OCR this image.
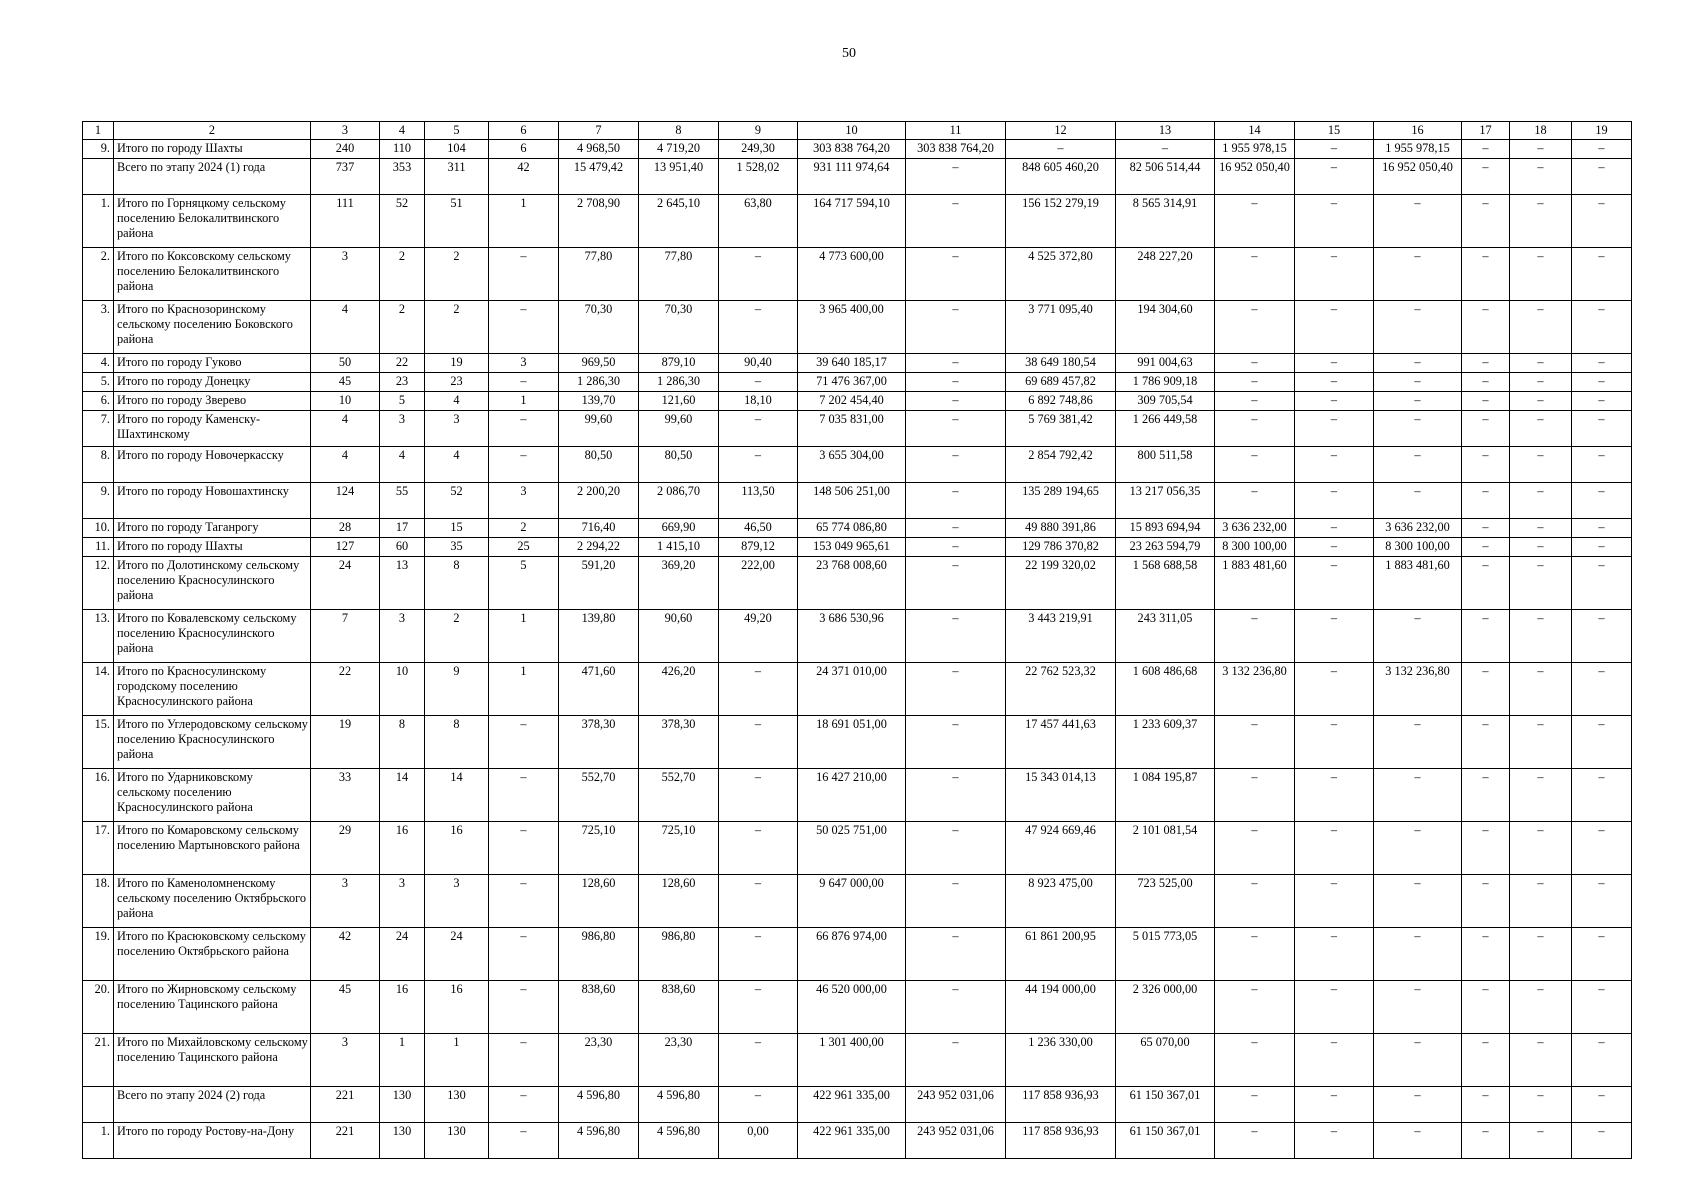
50
1	2	3	4	5	6	7	8	9	10	11	12	13	14	15	16	17	18	19
9.	Итого по городу Шахты	240	110	104	6	4 968,50	4 719,20	249,30	303 838 764,20	303 838 764,20	–	–	1 955 978,15	–	1 955 978,15	–	–	–
	Всего по этапу 2024 (1) года	737	353	311	42	15 479,42	13 951,40	1 528,02	931 111 974,64	–	848 605 460,20	82 506 514,44	16 952 050,40	–	16 952 050,40	–	–	–
1.	Итого по Горняцкому сельскому поселению Белокалитвинского района	111	52	51	1	2 708,90	2 645,10	63,80	164 717 594,10	–	156 152 279,19	8 565 314,91	–	–	–	–	–	–
2.	Итого по Коксовскому сельскому поселению Белокалитвинского района	3	2	2	–	77,80	77,80	–	4 773 600,00	–	4 525 372,80	248 227,20	–	–	–	–	–	–
3.	Итого по Краснозоринскому сельскому поселению Боковского района	4	2	2	–	70,30	70,30	–	3 965 400,00	–	3 771 095,40	194 304,60	–	–	–	–	–	–
4.	Итого по городу Гуково	50	22	19	3	969,50	879,10	90,40	39 640 185,17	–	38 649 180,54	991 004,63	–	–	–	–	–	–
5.	Итого по городу Донецку	45	23	23	–	1 286,30	1 286,30	–	71 476 367,00	–	69 689 457,82	1 786 909,18	–	–	–	–	–	–
6.	Итого по городу Зверево	10	5	4	1	139,70	121,60	18,10	7 202 454,40	–	6 892 748,86	309 705,54	–	–	–	–	–	–
7.	Итого по городу Каменску-Шахтинскому	4	3	3	–	99,60	99,60	–	7 035 831,00	–	5 769 381,42	1 266 449,58	–	–	–	–	–	–
8.	Итого по городу Новочеркасску	4	4	4	–	80,50	80,50	–	3 655 304,00	–	2 854 792,42	800 511,58	–	–	–	–	–	–
9.	Итого по городу Новошахтинску	124	55	52	3	2 200,20	2 086,70	113,50	148 506 251,00	–	135 289 194,65	13 217 056,35	–	–	–	–	–	–
10.	Итого по городу Таганрогу	28	17	15	2	716,40	669,90	46,50	65 774 086,80	–	49 880 391,86	15 893 694,94	3 636 232,00	–	3 636 232,00	–	–	–
11.	Итого по городу Шахты	127	60	35	25	2 294,22	1 415,10	879,12	153 049 965,61	–	129 786 370,82	23 263 594,79	8 300 100,00	–	8 300 100,00	–	–	–
12.	Итого по Долотинскому сельскому поселению Красносулинского района	24	13	8	5	591,20	369,20	222,00	23 768 008,60	–	22 199 320,02	1 568 688,58	1 883 481,60	–	1 883 481,60	–	–	–
13.	Итого по Ковалевскому сельскому поселению Красносулинского района	7	3	2	1	139,80	90,60	49,20	3 686 530,96	–	3 443 219,91	243 311,05	–	–	–	–	–	–
14.	Итого по Красносулинскому городскому поселению Красносулинского района	22	10	9	1	471,60	426,20	–	24 371 010,00	–	22 762 523,32	1 608 486,68	3 132 236,80	–	3 132 236,80	–	–	–
15.	Итого по Углеродовскому сельскому поселению Красносулинского района	19	8	8	–	378,30	378,30	–	18 691 051,00	–	17 457 441,63	1 233 609,37	–	–	–	–	–	–
16.	Итого по Ударниковскому сельскому поселению Красносулинского района	33	14	14	–	552,70	552,70	–	16 427 210,00	–	15 343 014,13	1 084 195,87	–	–	–	–	–	–
17.	Итого по Комаровскому сельскому поселению Мартыновского района	29	16	16	–	725,10	725,10	–	50 025 751,00	–	47 924 669,46	2 101 081,54	–	–	–	–	–	–
18.	Итого по Каменоломненскому сельскому поселению Октябрьского района	3	3	3	–	128,60	128,60	–	9 647 000,00	–	8 923 475,00	723 525,00	–	–	–	–	–	–
19.	Итого по Красюковскому сельскому поселению Октябрьского района	42	24	24	–	986,80	986,80	–	66 876 974,00	–	61 861 200,95	5 015 773,05	–	–	–	–	–	–
20.	Итого по Жирновскому сельскому поселению Тацинского района	45	16	16	–	838,60	838,60	–	46 520 000,00	–	44 194 000,00	2 326 000,00	–	–	–	–	–	–
21.	Итого по Михайловскому сельскому поселению Тацинского района	3	1	1	–	23,30	23,30	–	1 301 400,00	–	1 236 330,00	65 070,00	–	–	–	–	–	–
	Всего по этапу 2024 (2) года	221	130	130	–	4 596,80	4 596,80	–	422 961 335,00	243 952 031,06	117 858 936,93	61 150 367,01	–	–	–	–	–	–
1.	Итого по городу Ростову-на-Дону	221	130	130	–	4 596,80	4 596,80	0,00	422 961 335,00	243 952 031,06	117 858 936,93	61 150 367,01	–	–	–	–	–	–
